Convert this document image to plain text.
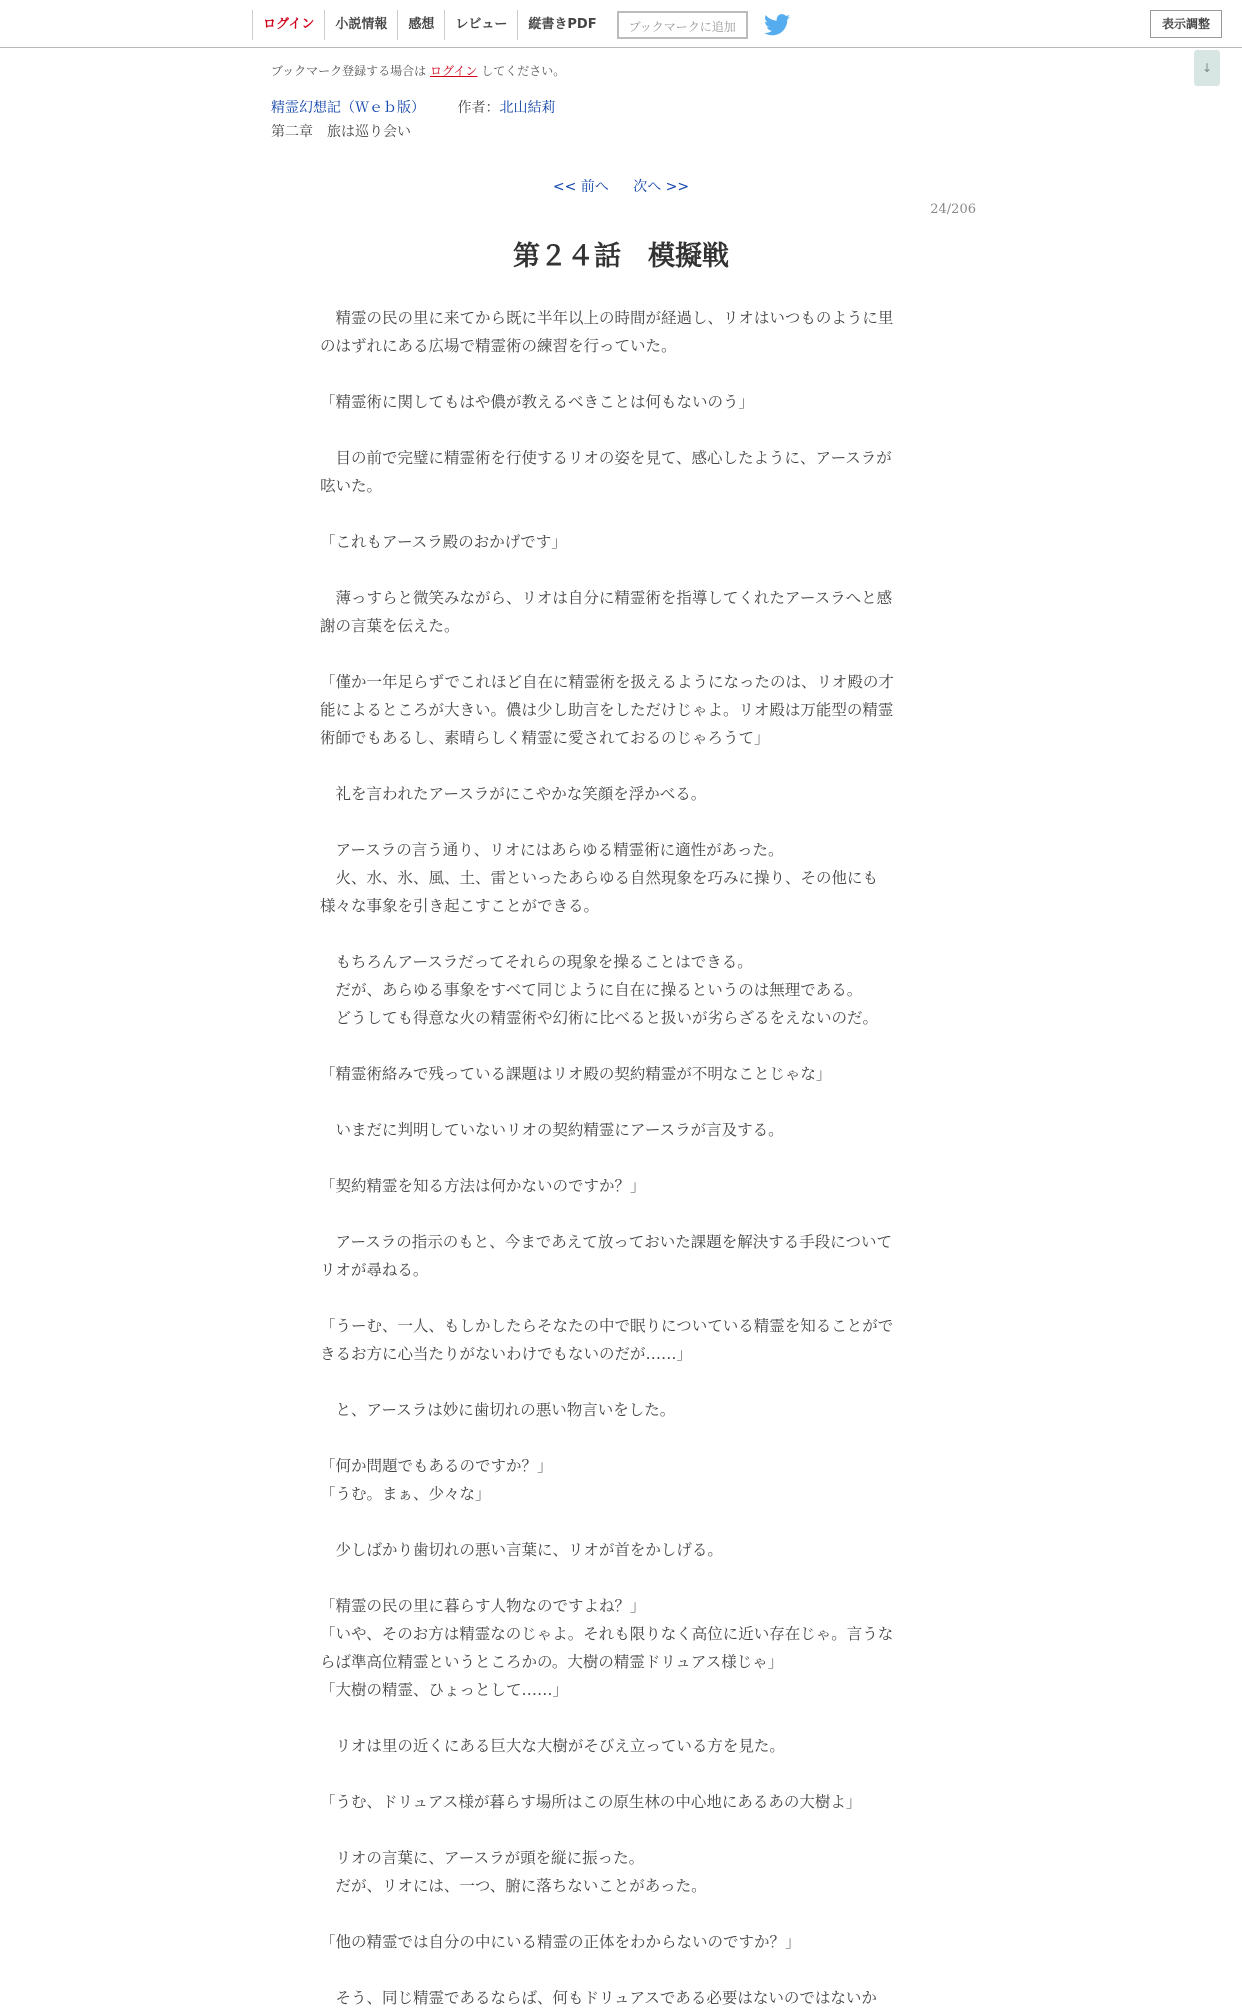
ログイン	小説情報	感想	レビュー	縦書きPDF	ブックマークに追加	表示調整
↓
ブックマーク登録する場合は ログイン してください。
精霊幻想記（Ｗｅｂ版） 作者：北山結莉
第二章　旅は巡り会い
<< 前へ 次へ >>
24/206
第２４話　模擬戦

　精霊の民の里に来てから既に半年以上の時間が経過し、リオはいつものように里

のはずれにある広場で精霊術の練習を行っていた。

「精霊術に関してもはや儂が教えるべきことは何もないのう」

　目の前で完璧に精霊術を行使するリオの姿を見て、感心したように、アースラが

呟いた。

「これもアースラ殿のおかげです」

　薄っすらと微笑みながら、リオは自分に精霊術を指導してくれたアースラへと感

謝の言葉を伝えた。

「僅か一年足らずでこれほど自在に精霊術を扱えるようになったのは、リオ殿の才

能によるところが大きい。儂は少し助言をしただけじゃよ。リオ殿は万能型の精霊

術師でもあるし、素晴らしく精霊に愛されておるのじゃろうて」

　礼を言われたアースラがにこやかな笑顔を浮かべる。

　アースラの言う通り、リオにはあらゆる精霊術に適性があった。

　火、水、氷、風、土、雷といったあらゆる自然現象を巧みに操り、その他にも

様々な事象を引き起こすことができる。

　もちろんアースラだってそれらの現象を操ることはできる。

　だが、あらゆる事象をすべて同じように自在に操るというのは無理である。

　どうしても得意な火の精霊術や幻術に比べると扱いが劣らざるをえないのだ。

「精霊術絡みで残っている課題はリオ殿の契約精霊が不明なことじゃな」

　いまだに判明していないリオの契約精霊にアースラが言及する。

「契約精霊を知る方法は何かないのですか？」

　アースラの指示のもと、今まであえて放っておいた課題を解決する手段について

リオが尋ねる。

「うーむ、一人、もしかしたらそなたの中で眠りについている精霊を知ることがで

きるお方に心当たりがないわけでもないのだが……」

　と、アースラは妙に歯切れの悪い物言いをした。

「何か問題でもあるのですか？」

「うむ。まぁ、少々な」

　少しばかり歯切れの悪い言葉に、リオが首をかしげる。

「精霊の民の里に暮らす人物なのですよね？」

「いや、そのお方は精霊なのじゃよ。それも限りなく高位に近い存在じゃ。言うな

らば準高位精霊というところかの。大樹の精霊ドリュアス様じゃ」

「大樹の精霊、ひょっとして……」

　リオは里の近くにある巨大な大樹がそびえ立っている方を見た。

「うむ、ドリュアス様が暮らす場所はこの原生林の中心地にあるあの大樹よ」

　リオの言葉に、アースラが頭を縦に振った。

　だが、リオには、一つ、腑に落ちないことがあった。

「他の精霊では自分の中にいる精霊の正体をわからないのですか？」

　そう、同じ精霊であるならば、何もドリュアスである必要はないのではないか
